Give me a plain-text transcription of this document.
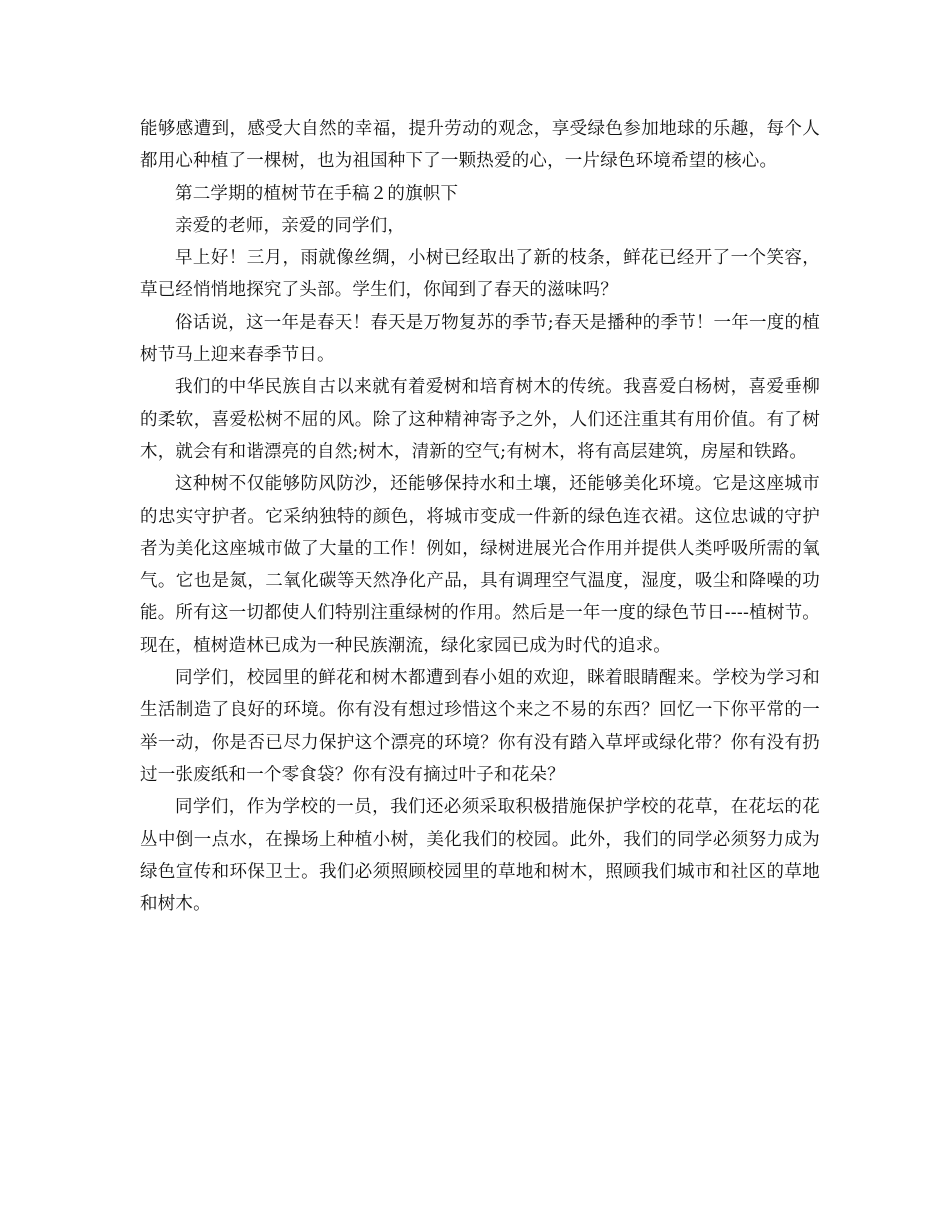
能够感遭到，感受大自然的幸福，提升劳动的观念，享受绿色参加地球的乐趣，每个人都用心种植了一棵树，也为祖国种下了一颗热爱的心，一片绿色环境希望的核心。

第二学期的植树节在手稿２的旗帜下

亲爱的老师，亲爱的同学们，

早上好！三月，雨就像丝绸，小树已经取出了新的枝条，鲜花已经开了一个笑容，草已经悄悄地探究了头部。学生们，你闻到了春天的滋味吗？

俗话说，这一年是春天！春天是万物复苏的季节;春天是播种的季节！一年一度的植树节马上迎来春季节日。

我们的中华民族自古以来就有着爱树和培育树木的传统。我喜爱白杨树，喜爱垂柳的柔软，喜爱松树不屈的风。除了这种精神寄予之外，人们还注重其有用价值。有了树木，就会有和谐漂亮的自然;树木，清新的空气;有树木，将有高层建筑，房屋和铁路。

这种树不仅能够防风防沙，还能够保持水和土壤，还能够美化环境。它是这座城市的忠实守护者。它采纳独特的颜色，将城市变成一件新的绿色连衣裙。这位忠诚的守护者为美化这座城市做了大量的工作！例如，绿树进展光合作用并提供人类呼吸所需的氧气。它也是氮，二氧化碳等天然净化产品，具有调理空气温度，湿度，吸尘和降噪的功能。所有这一切都使人们特别注重绿树的作用。然后是一年一度的绿色节日----植树节。现在，植树造林已成为一种民族潮流，绿化家园已成为时代的追求。

同学们，校园里的鲜花和树木都遭到春小姐的欢迎，眯着眼睛醒来。学校为学习和生活制造了良好的环境。你有没有想过珍惜这个来之不易的东西？回忆一下你平常的一举一动，你是否已尽力保护这个漂亮的环境？你有没有踏入草坪或绿化带？你有没有扔过一张废纸和一个零食袋？你有没有摘过叶子和花朵？

同学们，作为学校的一员，我们还必须采取积极措施保护学校的花草，在花坛的花丛中倒一点水，在操场上种植小树，美化我们的校园。此外，我们的同学必须努力成为绿色宣传和环保卫士。我们必须照顾校园里的草地和树木，照顾我们城市和社区的草地和树木。
